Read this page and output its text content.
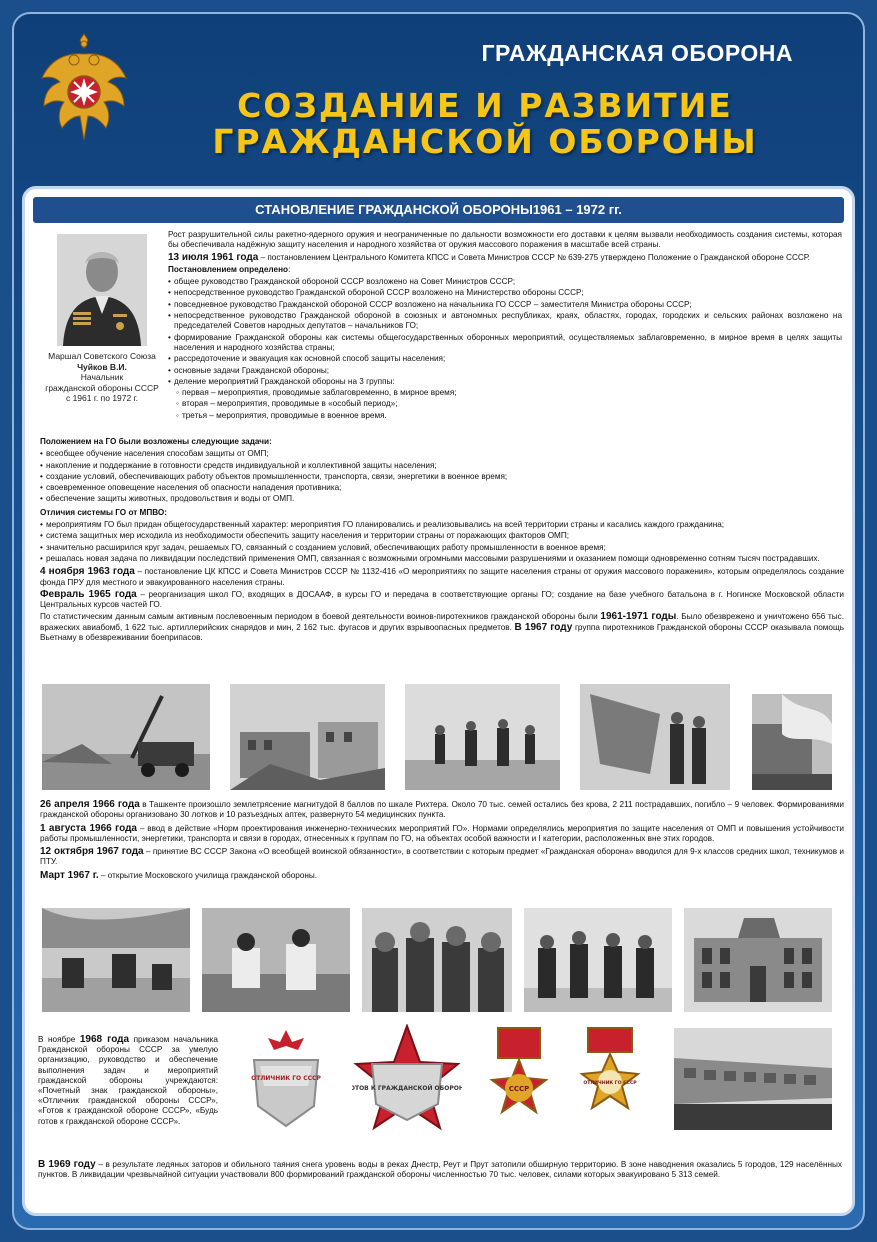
ГРАЖДАНСКАЯ ОБОРОНА
СОЗДАНИЕ И РАЗВИТИЕ
ГРАЖДАНСКОЙ ОБОРОНЫ
СТАНОВЛЕНИЕ ГРАЖДАНСКОЙ ОБОРОНЫ1961 – 1972 гг.
Маршал Советского Союза
Чуйков В.И.
Начальник
гражданской обороны СССР
с 1961 г. по 1972 г.

Рост разрушительной силы ракетно-ядерного оружия и неограниченные по дальности возможности его доставки к целям вызвали необходимость создания системы, которая бы обеспечивала надёжную защиту населения и народного хозяйства от оружия массового поражения в масштабе всей страны.

13 июля 1961 года – постановлением Центрального Комитета КПСС и Совета Министров СССР № 639-275 утверждено Положение о Гражданской обороне СССР.

Постановлением определено:

• общее руководство Гражданской обороной СССР возложено на Совет Министров СССР;
• непосредственное руководство Гражданской обороной СССР возложено на Министерство обороны СССР;
• повседневное руководство Гражданской обороной СССР возложено на начальника ГО СССР – заместителя Министра обороны СССР;
• непосредственное руководство Гражданской обороной в союзных и автономных республиках, краях, областях, городах, городских и сельских районах возложено на председателей Советов народных депутатов – начальников ГО;
• формирование Гражданской обороны как системы общегосударственных оборонных мероприятий, осуществляемых заблаговременно, в мирное время в целях защиты населения и народного хозяйства страны;
• рассредоточение и эвакуация как основной способ защиты населения;
• основные задачи Гражданской обороны;
• деление мероприятий Гражданской обороны на 3 группы:
◦ первая – мероприятия, проводимые заблаговременно, в мирное время;
◦ вторая – мероприятия, проводимые в «особый период»;
◦ третья – мероприятия, проводимые в военное время.

Положением на ГО были возложены следующие задачи:

• всеобщее обучение населения способам защиты от ОМП;
• накопление и поддержание в готовности средств индивидуальной и коллективной защиты населения;
• создание условий, обеспечивающих работу объектов промышленности, транспорта, связи, энергетики в военное время;
• своевременное оповещение населения об опасности нападения противника;
• обеспечение защиты животных, продовольствия и воды от ОМП.

Отличия системы ГО от МПВО:

• мероприятиям ГО был придан общегосударственный характер: мероприятия ГО планировались и реализовывались на всей территории страны и касались каждого гражданина;
• система защитных мер исходила из необходимости обеспечить защиту населения и территории страны от поражающих факторов ОМП;
• значительно расширился круг задач, решаемых ГО, связанный с созданием условий, обеспечивающих работу промышленности в военное время;
• решалась новая задача по ликвидации последствий применения ОМП, связанная с возможными огромными массовыми разрушениями и оказанием помощи одновременно сотням тысяч пострадавших.

4 ноября 1963 года – постановление ЦК КПСС и Совета Министров СССР № 1132-416 «О мероприятиях по защите населения страны от оружия массового поражения», которым определялось создание фонда ПРУ для местного и эвакуированного населения страны.

Февраль 1965 года – реорганизация школ ГО, входящих в ДОСААФ, в курсы ГО и передача в соответствующие органы ГО; создание на базе учебного батальона в г. Ногинске Московской области Центральных курсов частей ГО.

По статистическим данным самым активным послевоенным периодом в боевой деятельности воинов-пиротехников гражданской обороны были 1961-1971 годы. Было обезврежено и уничтожено 656 тыс. вражеских авиабомб, 1 622 тыс. артиллерийских снарядов и мин, 2 162 тыс. фугасов и других взрывоопасных предметов. В 1967 году группа пиротехников Гражданской обороны СССР оказывала помощь Вьетнаму в обезвреживании боеприпасов.

26 апреля 1966 года в Ташкенте произошло землетрясение магнитудой 8 баллов по шкале Рихтера. Около 70 тыс. семей остались без крова, 2 211 пострадавших, погибло – 9 человек. Формированиями гражданской обороны организовано 30 лотков и 10 разъездных аптек, развернуто 54 медицинских пункта.

1 августа 1966 года – ввод в действие «Норм проектирования инженерно-технических мероприятий ГО». Нормами определялись мероприятия по защите населения от ОМП и повышения устойчивости работы промышленности, энергетики, транспорта и связи в городах, отнесенных к группам по ГО, на объектах особой важности и I категории, расположенных вне этих городов.

12 октября 1967 года – принятие ВС СССР Закона «О всеобщей воинской обязанности», в соответствии с которым предмет «Гражданская оборона» вводился для 9-х классов средних школ, техникумов и ПТУ.

Март 1967 г. – открытие Московского училища гражданской обороны.

В ноябре 1968 года приказом начальника Гражданской обороны СССР за умелую организацию, руководство и обеспечение выполнения задач и мероприятий гражданской обороны учреждаются: «Почетный знак гражданской обороны», «Отличник гражданской обороны СССР», «Готов к гражданской обороне СССР», «Будь готов к гражданской обороне СССР».
ОТЛИЧНИК ГО СССР
ГОТОВ К ГРАЖДАНСКОЙ ОБОРОНЕ	СССР
ОТЛИЧНИК ГО СССР
В 1969 году – в результате ледяных заторов и обильного таяния снега уровень воды в реках Днестр, Реут и Прут затопили обширную территорию. В зоне наводнения оказались 5 городов, 129 населённых пунктов. В ликвидации чрезвычайной ситуации участвовали 800 формирований гражданской обороны численностью 70 тыс. человек, силами которых эвакуировано 5 313 семей.
